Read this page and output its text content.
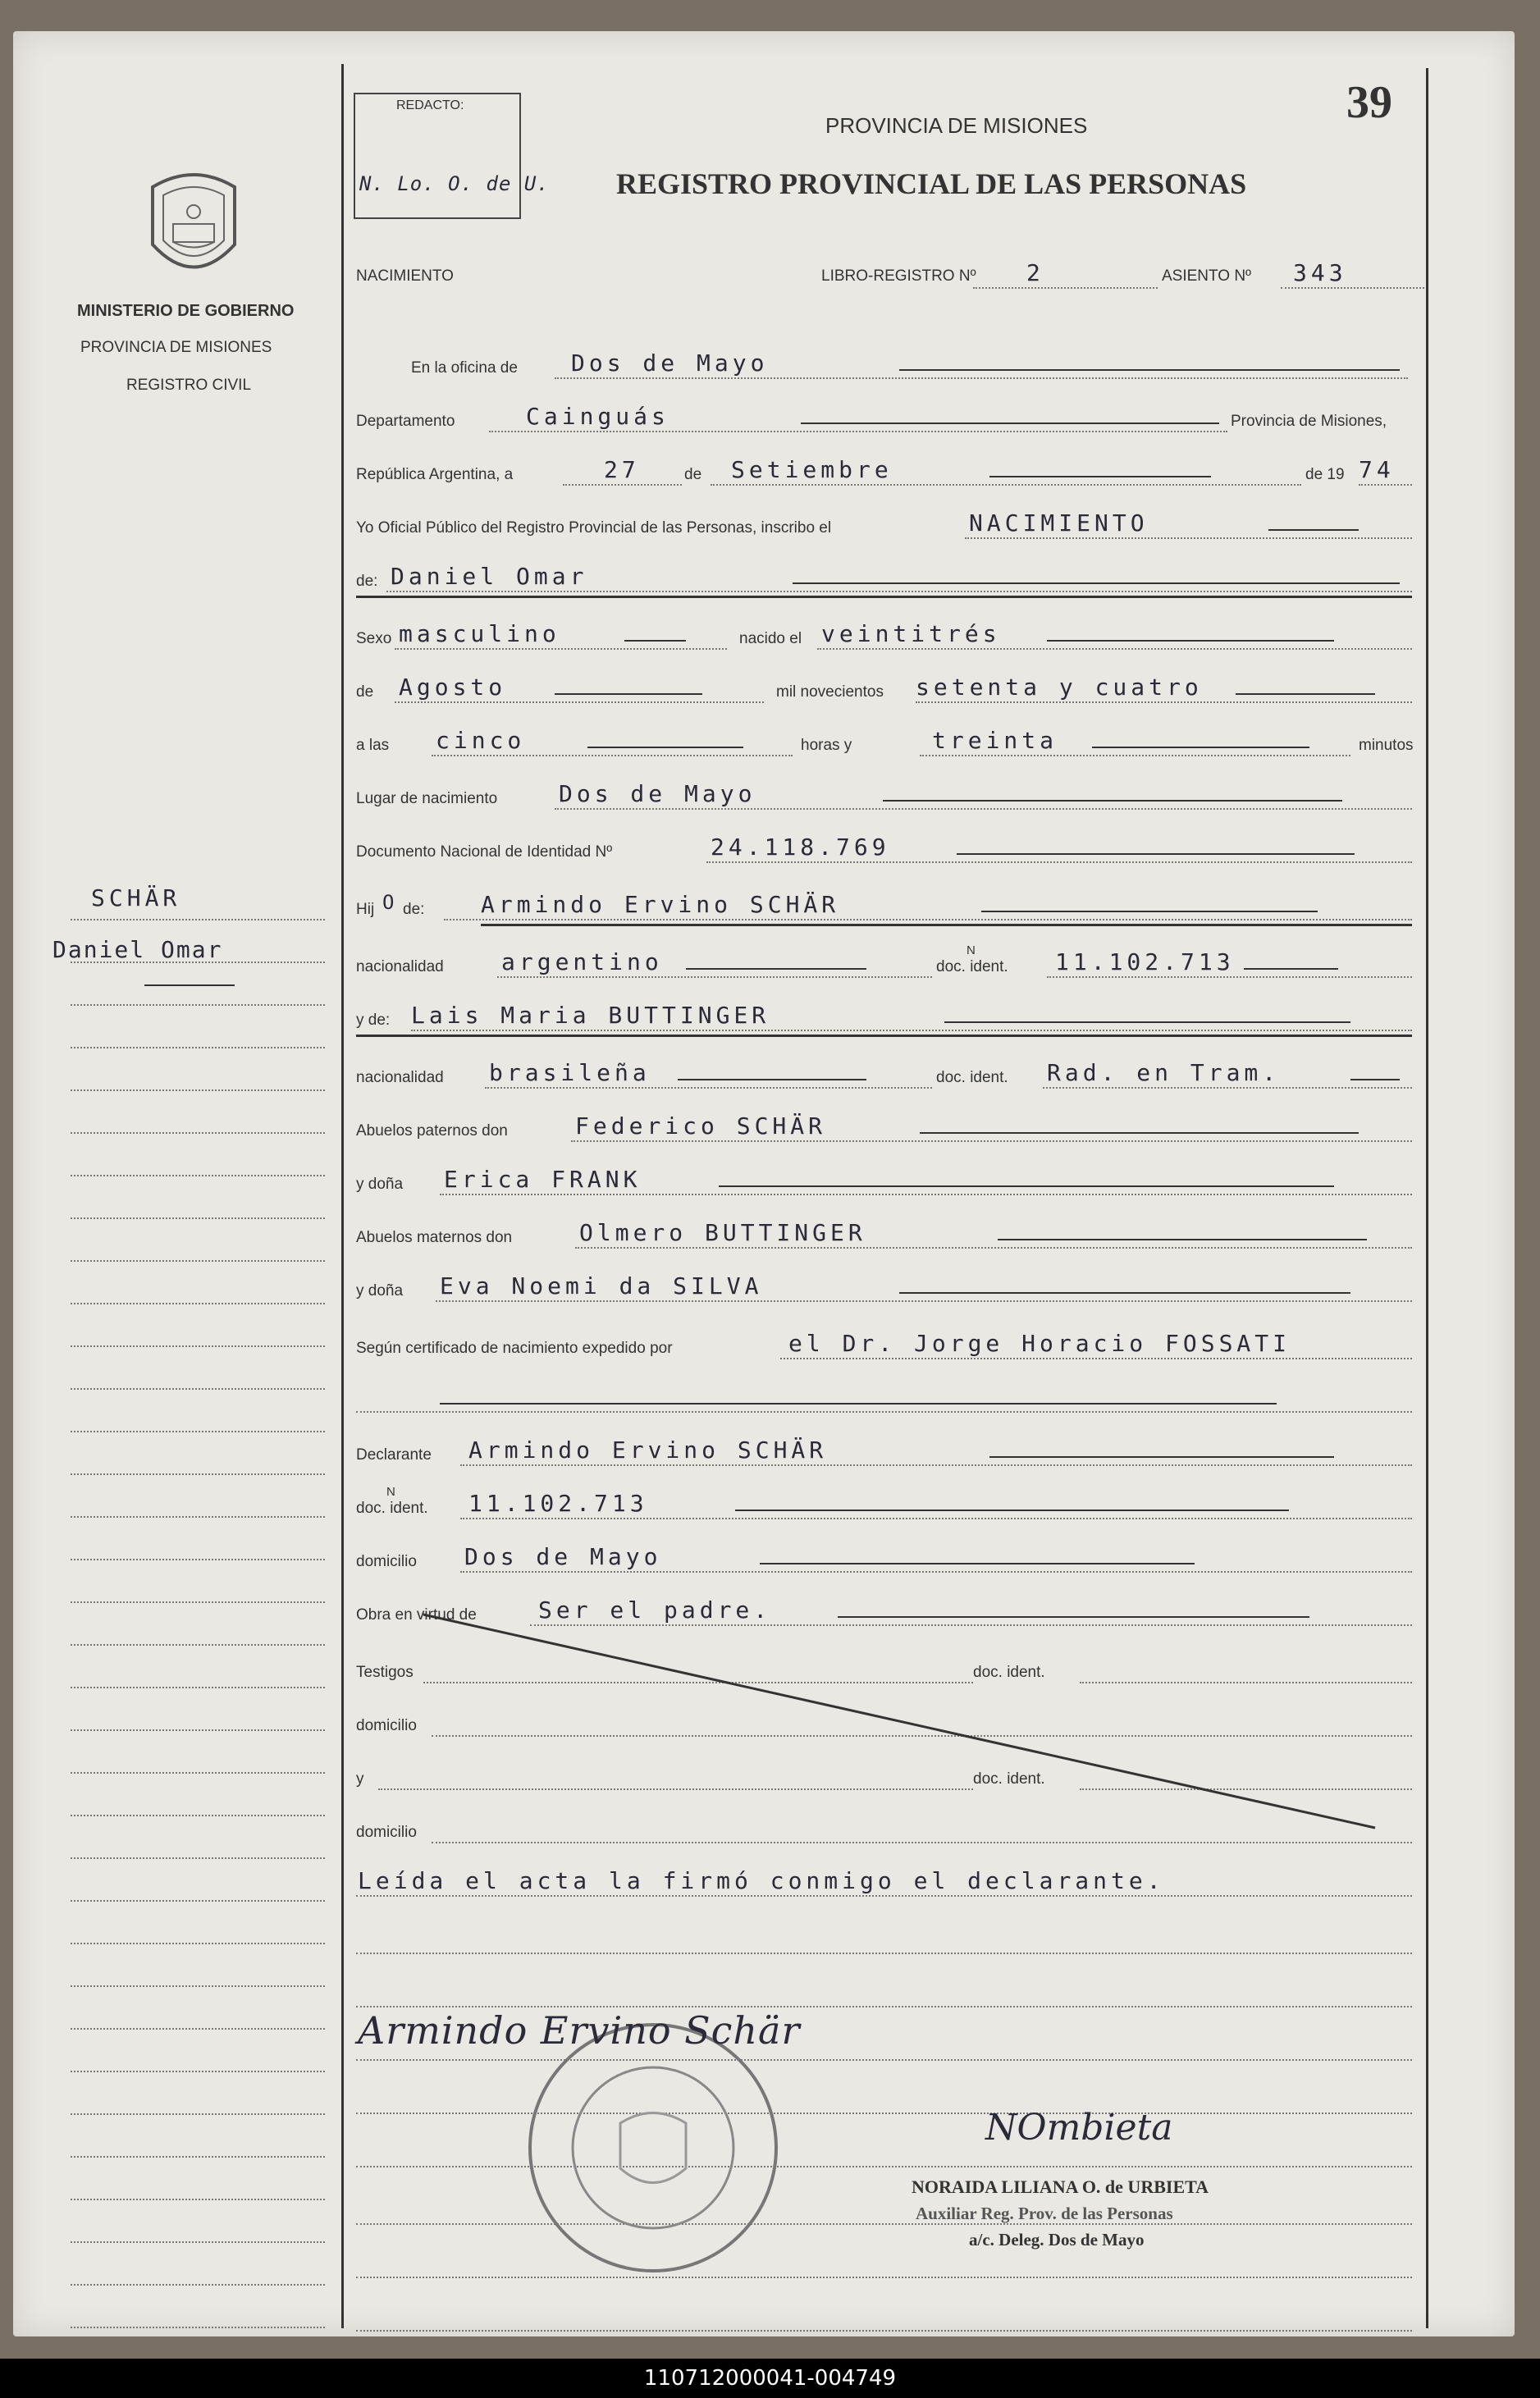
MINISTERIO DE GOBIERNO
PROVINCIA DE MISIONES
REGISTRO CIVIL
SCHÄR
Daniel Omar
REDACTO:
N. Lo. O. de U.
PROVINCIA DE MISIONES
REGISTRO PROVINCIAL DE LAS PERSONAS
39
NACIMIENTO	LIBRO-REGISTRO Nº 2	ASIENTO Nº 343
En la oficina de Dos de Mayo
Departamento	Cainguás	Provincia de Misiones,
República Argentina, a	27	de Setiembre	de 19 74
Yo Oficial Público del Registro Provincial de las Personas, inscribo el	NACIMIENTO
de: Daniel Omar
Sexo masculino	nacido el veintitrés
de Agosto	mil novecientos setenta y cuatro
a las cinco	horas y	treinta	minutos
Lugar de nacimiento	Dos de Mayo
Documento Nacional de Identidad Nº	24.118.769
Hij O de: Armindo Ervino SCHÄR
nacionalidad	argentino	doc. ident. 11.102.713
y de: Lais Maria BUTTINGER
nacionalidad brasileña	doc. ident. Rad. en Tram.
Abuelos paternos don	Federico SCHÄR
y doña Erica FRANK
Abuelos maternos don	Olmero BUTTINGER
y doña Eva Noemi da SILVA
Según certificado de nacimiento expedido por	el Dr. Jorge Horacio FOSSATI
Declarante Armindo Ervino SCHÄR
doc. ident. 11.102.713
domicilio Dos de Mayo
Obra en virtud de	Ser el padre.
Testigos	doc. ident.
domicilio
y	doc. ident.
domicilio
Leída el acta la firmó conmigo el declarante.
N
N
Armindo Ervino Schär
NOmbieta
NORAIDA LILIANA O. de URBIETA
Auxiliar Reg. Prov. de las Personas
a/c. Deleg. Dos de Mayo
110712000041-004749
